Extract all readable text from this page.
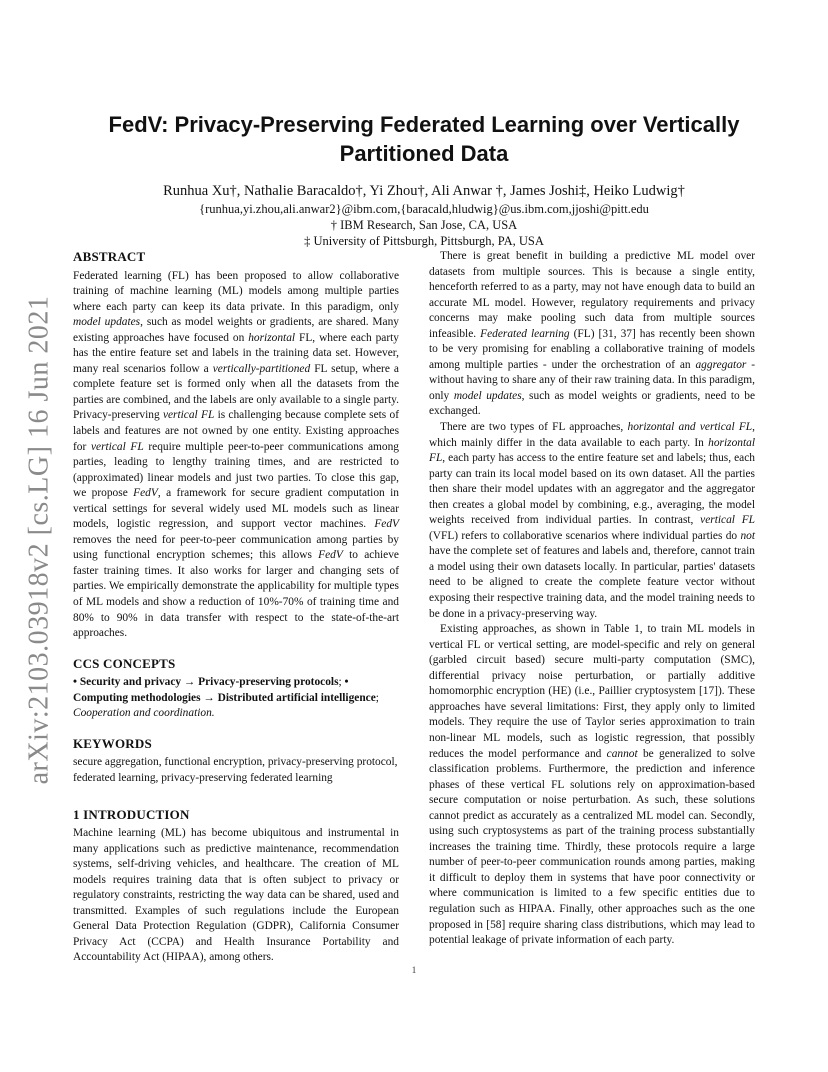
arXiv:2103.03918v2 [cs.LG] 16 Jun 2021
FedV: Privacy-Preserving Federated Learning over Vertically Partitioned Data
Runhua Xu†, Nathalie Baracaldo†, Yi Zhou†, Ali Anwar †, James Joshi‡, Heiko Ludwig†
{runhua,yi.zhou,ali.anwar2}@ibm.com,{baracald,hludwig}@us.ibm.com,jjoshi@pitt.edu
† IBM Research, San Jose, CA, USA
‡ University of Pittsburgh, Pittsburgh, PA, USA
ABSTRACT

Federated learning (FL) has been proposed to allow collaborative training of machine learning (ML) models among multiple parties where each party can keep its data private. In this paradigm, only model updates, such as model weights or gradients, are shared. Many existing approaches have focused on horizontal FL, where each party has the entire feature set and labels in the training data set. However, many real scenarios follow a vertically-partitioned FL setup, where a complete feature set is formed only when all the datasets from the parties are combined, and the labels are only available to a single party. Privacy-preserving vertical FL is challenging because complete sets of labels and features are not owned by one entity. Existing approaches for vertical FL require multiple peer-to-peer communications among parties, leading to lengthy training times, and are restricted to (approximated) linear models and just two parties. To close this gap, we propose FedV, a framework for secure gradient computation in vertical settings for several widely used ML models such as linear models, logistic regression, and support vector machines. FedV removes the need for peer-to-peer communication among parties by using functional encryption schemes; this allows FedV to achieve faster training times. It also works for larger and changing sets of parties. We empirically demonstrate the applicability for multiple types of ML models and show a reduction of 10%-70% of training time and 80% to 90% in data transfer with respect to the state-of-the-art approaches.

CCS CONCEPTS

• Security and privacy → Privacy-preserving protocols; • Computing methodologies → Distributed artificial intelligence; Cooperation and coordination.

KEYWORDS

secure aggregation, functional encryption, privacy-preserving protocol, federated learning, privacy-preserving federated learning

1 INTRODUCTION

Machine learning (ML) has become ubiquitous and instrumental in many applications such as predictive maintenance, recommendation systems, self-driving vehicles, and healthcare. The creation of ML models requires training data that is often subject to privacy or regulatory constraints, restricting the way data can be shared, used and transmitted. Examples of such regulations include the European General Data Protection Regulation (GDPR), California Consumer Privacy Act (CCPA) and Health Insurance Portability and Accountability Act (HIPAA), among others.

There is great benefit in building a predictive ML model over datasets from multiple sources. This is because a single entity, henceforth referred to as a party, may not have enough data to build an accurate ML model. However, regulatory requirements and privacy concerns may make pooling such data from multiple sources infeasible. Federated learning (FL) [31, 37] has recently been shown to be very promising for enabling a collaborative training of models among multiple parties - under the orchestration of an aggregator - without having to share any of their raw training data. In this paradigm, only model updates, such as model weights or gradients, need to be exchanged.

There are two types of FL approaches, horizontal and vertical FL, which mainly differ in the data available to each party. In horizontal FL, each party has access to the entire feature set and labels; thus, each party can train its local model based on its own dataset. All the parties then share their model updates with an aggregator and the aggregator then creates a global model by combining, e.g., averaging, the model weights received from individual parties. In contrast, vertical FL (VFL) refers to collaborative scenarios where individual parties do not have the complete set of features and labels and, therefore, cannot train a model using their own datasets locally. In particular, parties' datasets need to be aligned to create the complete feature vector without exposing their respective training data, and the model training needs to be done in a privacy-preserving way.

Existing approaches, as shown in Table 1, to train ML models in vertical FL or vertical setting, are model-specific and rely on general (garbled circuit based) secure multi-party computation (SMC), differential privacy noise perturbation, or partially additive homomorphic encryption (HE) (i.e., Paillier cryptosystem [17]). These approaches have several limitations: First, they apply only to limited models. They require the use of Taylor series approximation to train non-linear ML models, such as logistic regression, that possibly reduces the model performance and cannot be generalized to solve classification problems. Furthermore, the prediction and inference phases of these vertical FL solutions rely on approximation-based secure computation or noise perturbation. As such, these solutions cannot predict as accurately as a centralized ML model can. Secondly, using such cryptosystems as part of the training process substantially increases the training time. Thirdly, these protocols require a large number of peer-to-peer communication rounds among parties, making it difficult to deploy them in systems that have poor connectivity or where communication is limited to a few specific entities due to regulation such as HIPAA. Finally, other approaches such as the one proposed in [58] require sharing class distributions, which may lead to potential leakage of private information of each party.

1
